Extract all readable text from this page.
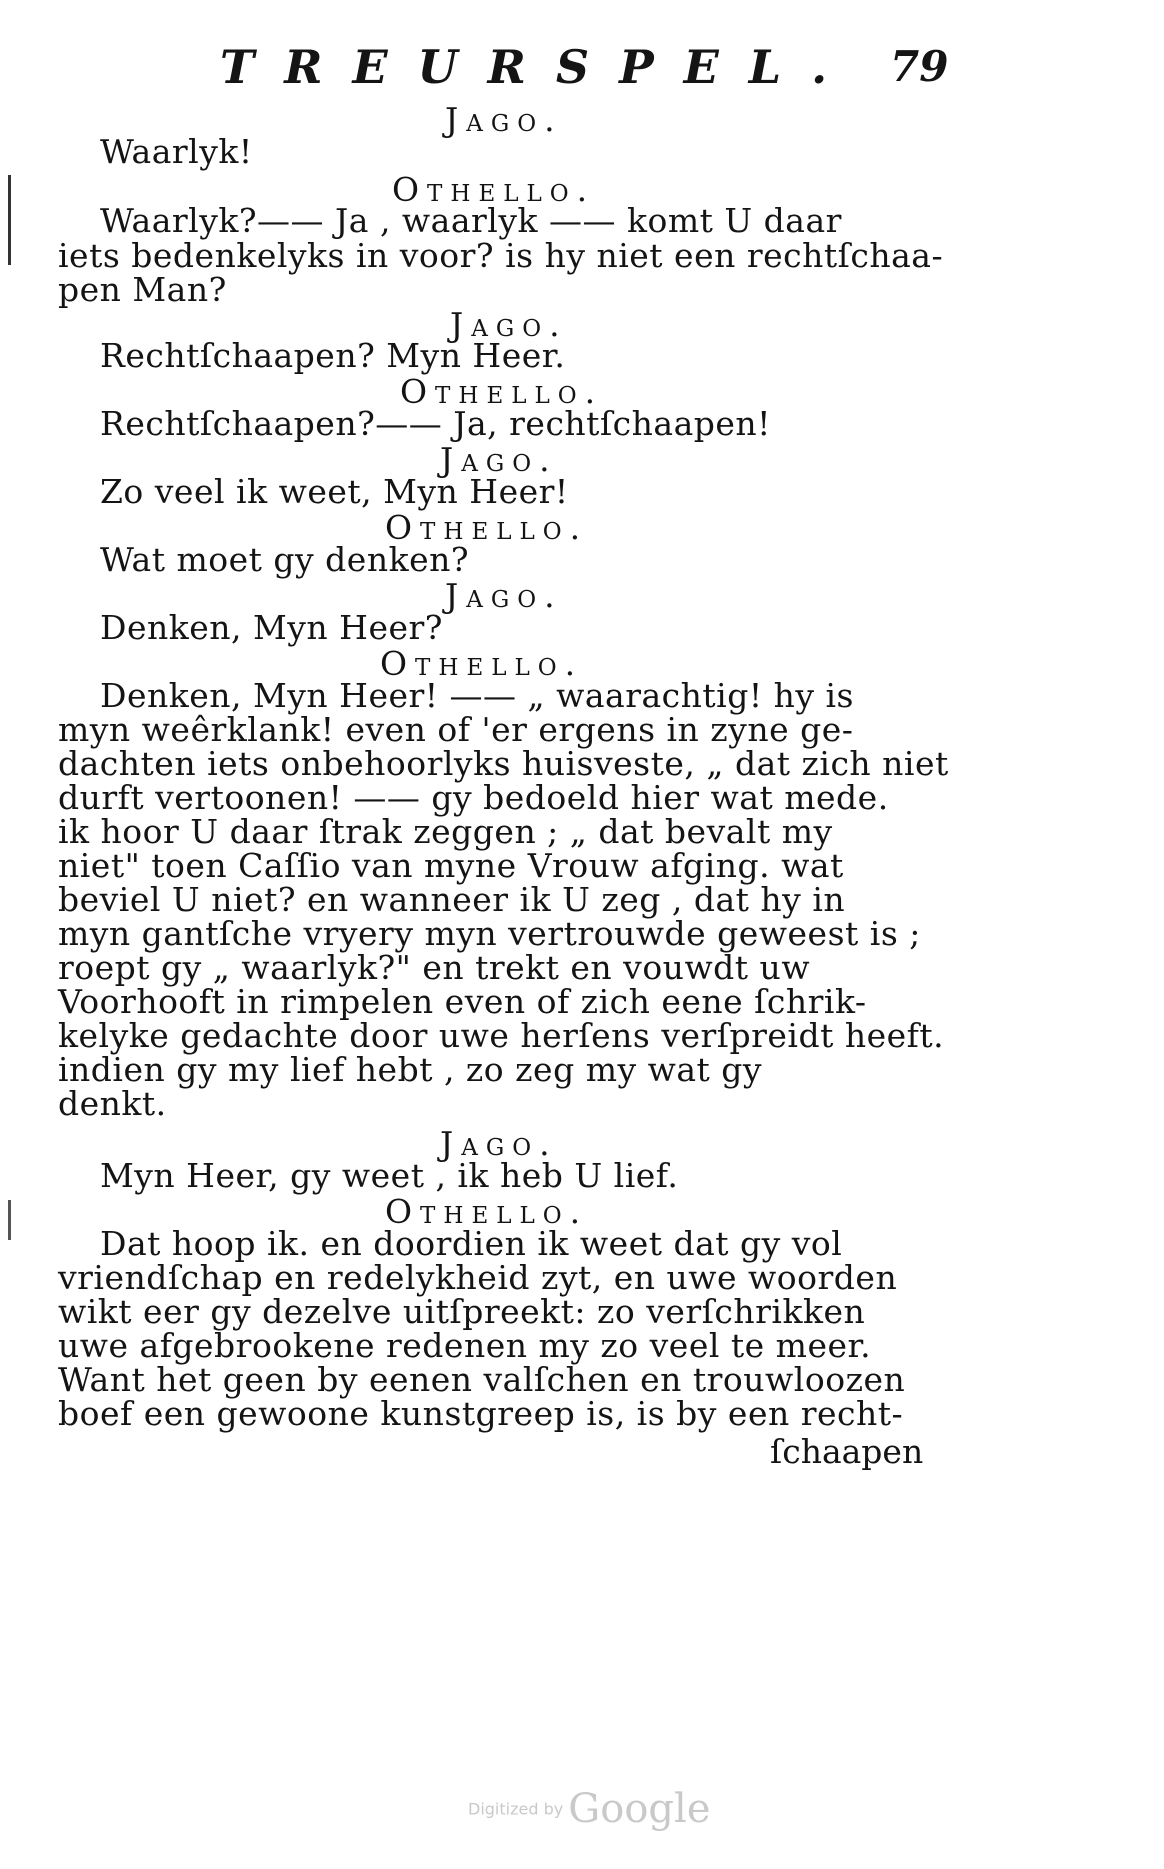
TREURSPEL. 79
Jago.
Waarlyk!
Othello.
Waarlyk?—— Ja , waarlyk —— komt U daar
iets bedenkelyks in voor? is hy niet een rechtſchaa-
pen Man?
Jago.
Rechtſchaapen? Myn Heer.
Othello.
Rechtſchaapen?—— Ja, rechtſchaapen!
Jago.
Zo veel ik weet, Myn Heer!
Othello.
Wat moet gy denken?
Jago.
Denken, Myn Heer?
Othello.
Denken, Myn Heer! —— „ waarachtig! hy is
myn weêrklank! even of 'er ergens in zyne ge-
dachten iets onbehoorlyks huisveste, „ dat zich niet
durft vertoonen! —— gy bedoeld hier wat mede.
ik hoor U daar ſtrak zeggen ; „ dat bevalt my
niet" toen Caſſio van myne Vrouw afging. wat
beviel U niet? en wanneer ik U zeg , dat hy in
myn gantſche vryery myn vertrouwde geweest is ;
roept gy „ waarlyk?" en trekt en vouwdt uw
Voorhooft in rimpelen even of zich eene ſchrik-
kelyke gedachte door uwe herſens verſpreidt heeft.
indien gy my lief hebt , zo zeg my wat gy
denkt.
Jago.
Myn Heer, gy weet , ik heb U lief.
Othello.
Dat hoop ik. en doordien ik weet dat gy vol
vriendſchap en redelykheid zyt, en uwe woorden
wikt eer gy dezelve uitſpreekt: zo verſchrikken
uwe afgebrookene redenen my zo veel te meer.
Want het geen by eenen valſchen en trouwloozen
boef een gewoone kunstgreep is, is by een recht-
ſchaapen
Digitized by Google
